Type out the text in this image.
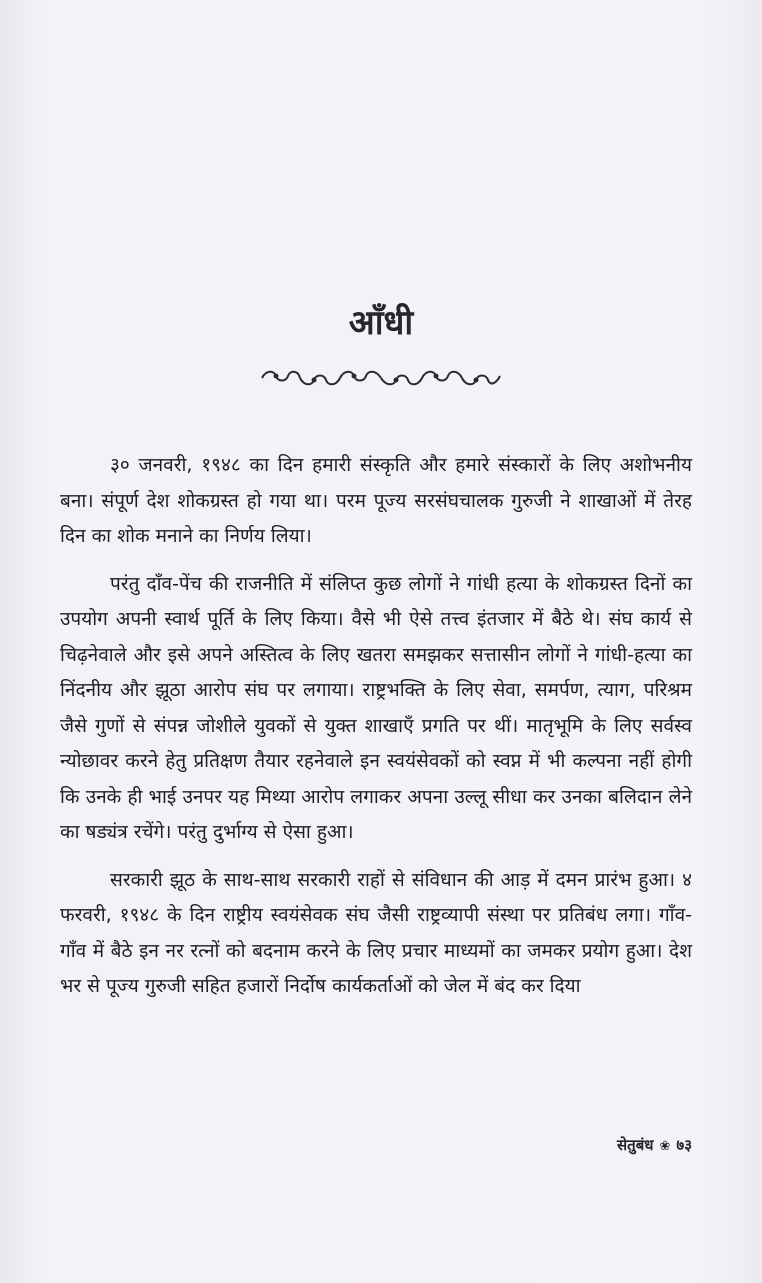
आँधी

३० जनवरी, १९४८ का दिन हमारी संस्कृति और हमारे संस्कारों के लिए अशोभनीय बना। संपूर्ण देश शोकग्रस्त हो गया था। परम पूज्य सरसंघचालक गुरुजी ने शाखाओं में तेरह दिन का शोक मनाने का निर्णय लिया।

परंतु दाँव-पेंच की राजनीति में संलिप्त कुछ लोगों ने गांधी हत्या के शोकग्रस्त दिनों का उपयोग अपनी स्वार्थ पूर्ति के लिए किया। वैसे भी ऐसे तत्त्व इंतजार में बैठे थे। संघ कार्य से चिढ़नेवाले और इसे अपने अस्तित्व के लिए खतरा समझकर सत्तासीन लोगों ने गांधी-हत्या का निंदनीय और झूठा आरोप संघ पर लगाया। राष्ट्रभक्ति के लिए सेवा, समर्पण, त्याग, परिश्रम जैसे गुणों से संपन्न जोशीले युवकों से युक्त शाखाएँ प्रगति पर थीं। मातृभूमि के लिए सर्वस्व न्योछावर करने हेतु प्रतिक्षण तैयार रहनेवाले इन स्वयंसेवकों को स्वप्न में भी कल्पना नहीं होगी कि उनके ही भाई उनपर यह मिथ्या आरोप लगाकर अपना उल्लू सीधा कर उनका बलिदान लेने का षड्यंत्र रचेंगे। परंतु दुर्भाग्य से ऐसा हुआ।

सरकारी झूठ के साथ-साथ सरकारी राहों से संविधान की आड़ में दमन प्रारंभ हुआ। ४ फरवरी, १९४८ के दिन राष्ट्रीय स्वयंसेवक संघ जैसी राष्ट्रव्यापी संस्था पर प्रतिबंध लगा। गाँव-गाँव में बैठे इन नर रत्नों को बदनाम करने के लिए प्रचार माध्यमों का जमकर प्रयोग हुआ। देश भर से पूज्य गुरुजी सहित हजारों निर्दोष कार्यकर्ताओं को जेल में बंद कर दिया

सेतुबंध ❀ ७३
